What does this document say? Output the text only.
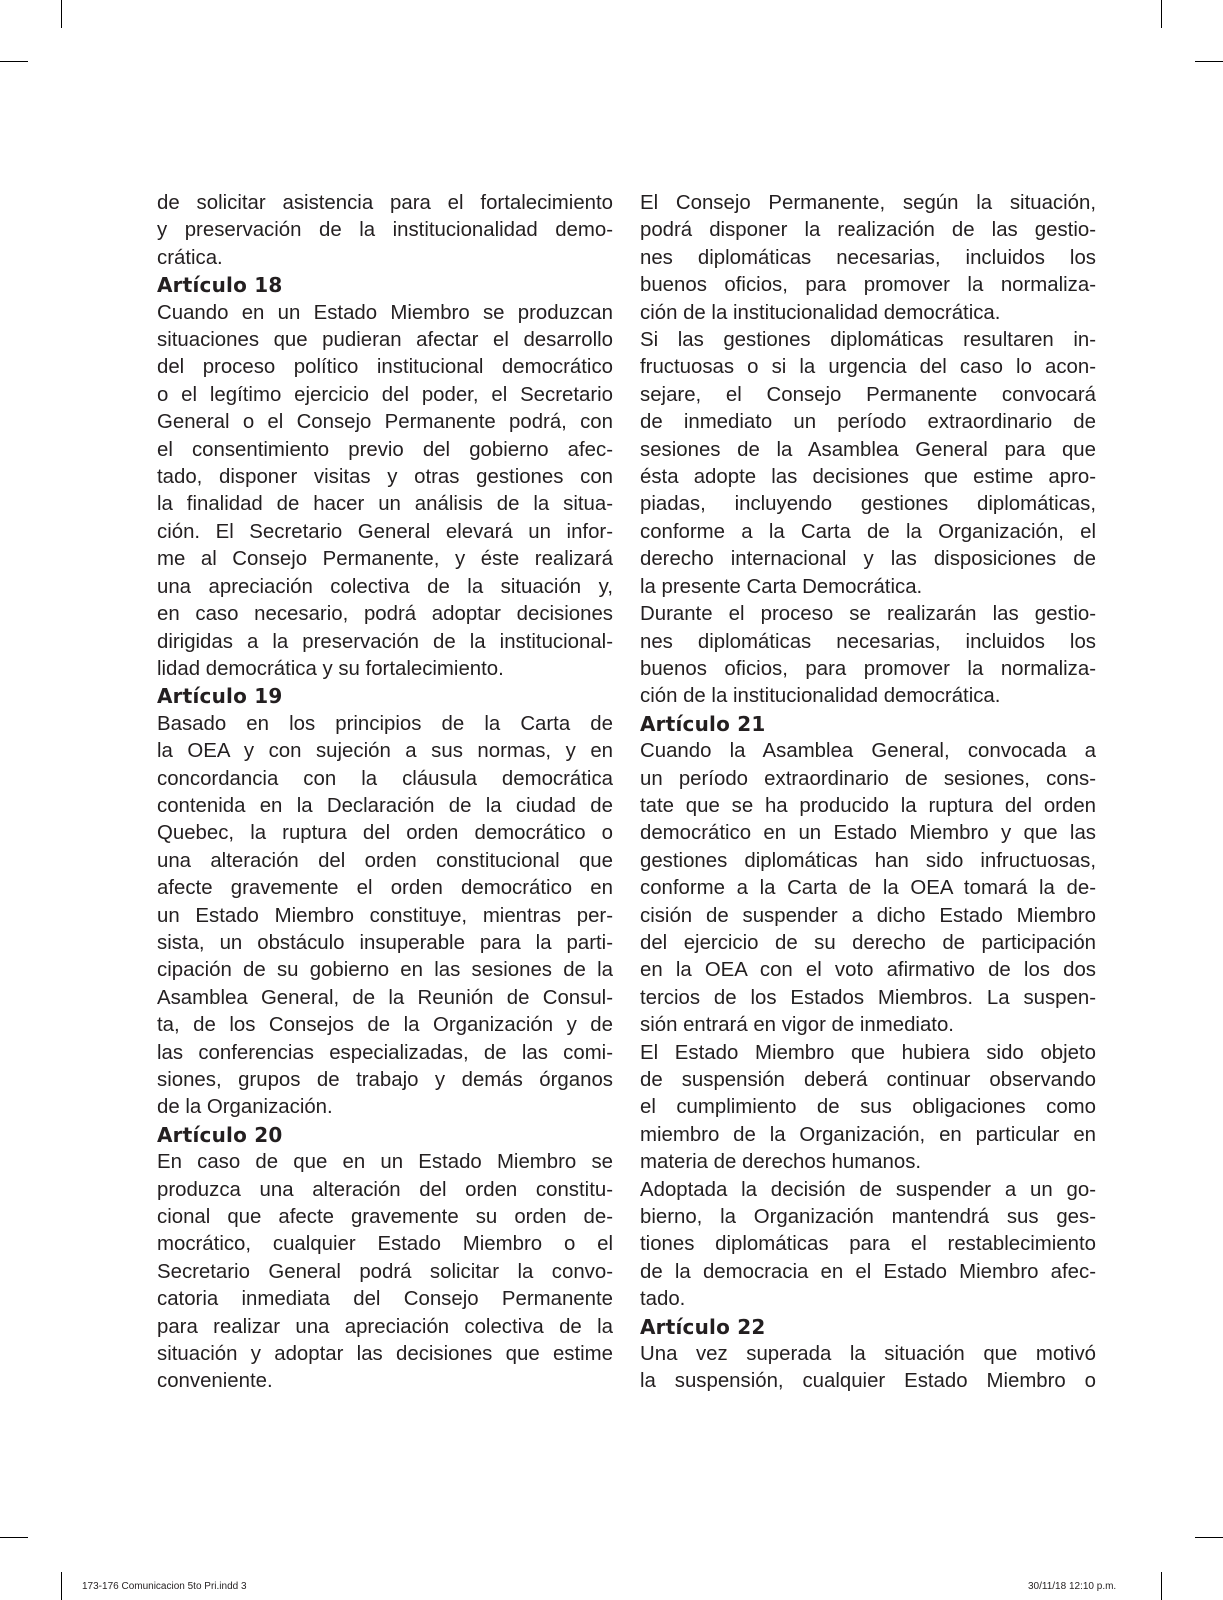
de solicitar asistencia para el fortalecimiento
y preservación de la institucionalidad demo-
crática.
Artículo 18
Cuando en un Estado Miembro se produzcan
situaciones que pudieran afectar el desarrollo
del proceso político institucional democrático
o el legítimo ejercicio del poder, el Secretario
General o el Consejo Permanente podrá, con
el consentimiento previo del gobierno afec-
tado, disponer visitas y otras gestiones con
la finalidad de hacer un análisis de la situa-
ción. El Secretario General elevará un infor-
me al Consejo Permanente, y éste realizará
una apreciación colectiva de la situación y,
en caso necesario, podrá adoptar decisiones
dirigidas a la preservación de la institucional-
lidad democrática y su fortalecimiento.
Artículo 19
Basado en los principios de la Carta de
la OEA y con sujeción a sus normas, y en
concordancia con la cláusula democrática
contenida en la Declaración de la ciudad de
Quebec, la ruptura del orden democrático o
una alteración del orden constitucional que
afecte gravemente el orden democrático en
un Estado Miembro constituye, mientras per-
sista, un obstáculo insuperable para la parti-
cipación de su gobierno en las sesiones de la
Asamblea General, de la Reunión de Consul-
ta, de los Consejos de la Organización y de
las conferencias especializadas, de las comi-
siones, grupos de trabajo y demás órganos
de la Organización.
Artículo 20
En caso de que en un Estado Miembro se
produzca una alteración del orden constitu-
cional que afecte gravemente su orden de-
mocrático, cualquier Estado Miembro o el
Secretario General podrá solicitar la convo-
catoria inmediata del Consejo Permanente
para realizar una apreciación colectiva de la
situación y adoptar las decisiones que estime
conveniente.
El Consejo Permanente, según la situación,
podrá disponer la realización de las gestio-
nes diplomáticas necesarias, incluidos los
buenos oficios, para promover la normaliza-
ción de la institucionalidad democrática.
Si las gestiones diplomáticas resultaren in-
fructuosas o si la urgencia del caso lo acon-
sejare, el Consejo Permanente convocará
de inmediato un período extraordinario de
sesiones de la Asamblea General para que
ésta adopte las decisiones que estime apro-
piadas, incluyendo gestiones diplomáticas,
conforme a la Carta de la Organización, el
derecho internacional y las disposiciones de
la presente Carta Democrática.
Durante el proceso se realizarán las gestio-
nes diplomáticas necesarias, incluidos los
buenos oficios, para promover la normaliza-
ción de la institucionalidad democrática.
Artículo 21
Cuando la Asamblea General, convocada a
un período extraordinario de sesiones, cons-
tate que se ha producido la ruptura del orden
democrático en un Estado Miembro y que las
gestiones diplomáticas han sido infructuosas,
conforme a la Carta de la OEA tomará la de-
cisión de suspender a dicho Estado Miembro
del ejercicio de su derecho de participación
en la OEA con el voto afirmativo de los dos
tercios de los Estados Miembros. La suspen-
sión entrará en vigor de inmediato.
El Estado Miembro que hubiera sido objeto
de suspensión deberá continuar observando
el cumplimiento de sus obligaciones como
miembro de la Organización, en particular en
materia de derechos humanos.
Adoptada la decisión de suspender a un go-
bierno, la Organización mantendrá sus ges-
tiones diplomáticas para el restablecimiento
de la democracia en el Estado Miembro afec-
tado.
Artículo 22
Una vez superada la situación que motivó
la suspensión, cualquier Estado Miembro o
173-176 Comunicacion 5to Pri.indd 3	30/11/18 12:10 p.m.
